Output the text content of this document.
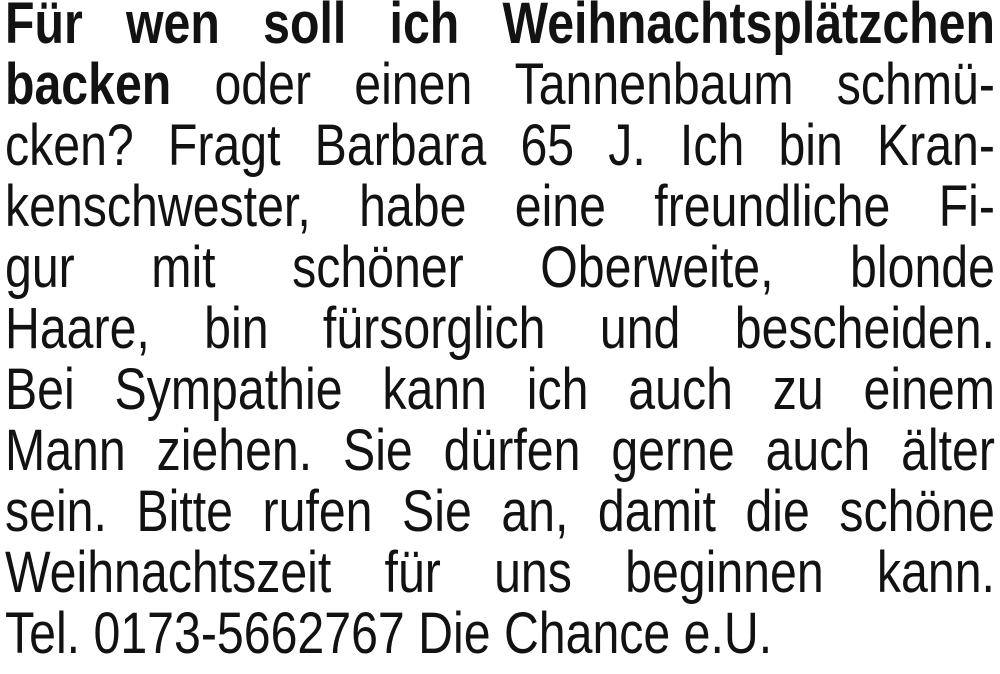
Für wen soll ich Weihnachtsplätzchen
backen oder einen Tannenbaum schmü-
cken? Fragt Barbara 65 J. Ich bin Kran-
kenschwester, habe eine freundliche Fi-
gur mit schöner Oberweite, blonde
Haare, bin fürsorglich und bescheiden.
Bei Sympathie kann ich auch zu einem
Mann ziehen. Sie dürfen gerne auch älter
sein. Bitte rufen Sie an, damit die schöne
Weihnachtszeit für uns beginnen kann.
Tel. 0173-5662767 Die Chance e.U.
